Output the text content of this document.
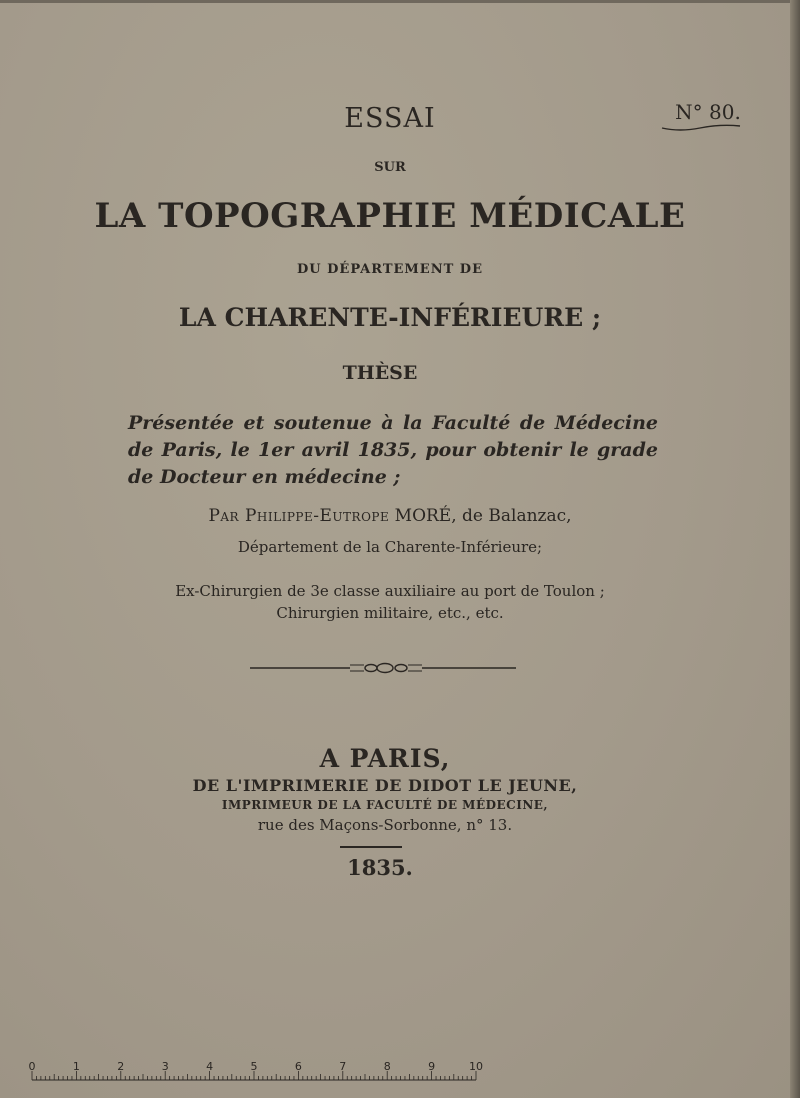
N° 80.
ESSAI
SUR
LA TOPOGRAPHIE MÉDICALE
DU DÉPARTEMENT DE
LA CHARENTE-INFÉRIEURE ;
THÈSE
Présentée et soutenue à la Faculté de Médecine de Paris, le 1er avril 1835, pour obtenir le grade de Docteur en médecine ;
Par Philippe-Eutrope MORÉ, de Balanzac,
Département de la Charente-Inférieure;
Ex-Chirurgien de 3e classe auxiliaire au port de Toulon ; Chirurgien militaire, etc., etc.
A PARIS,
DE L'IMPRIMERIE DE DIDOT LE JEUNE,
IMPRIMEUR DE LA FACULTÉ DE MÉDECINE,
rue des Maçons-Sorbonne, n° 13.
1835.
0	1	2	3	4	5	6	7	8	9	10
